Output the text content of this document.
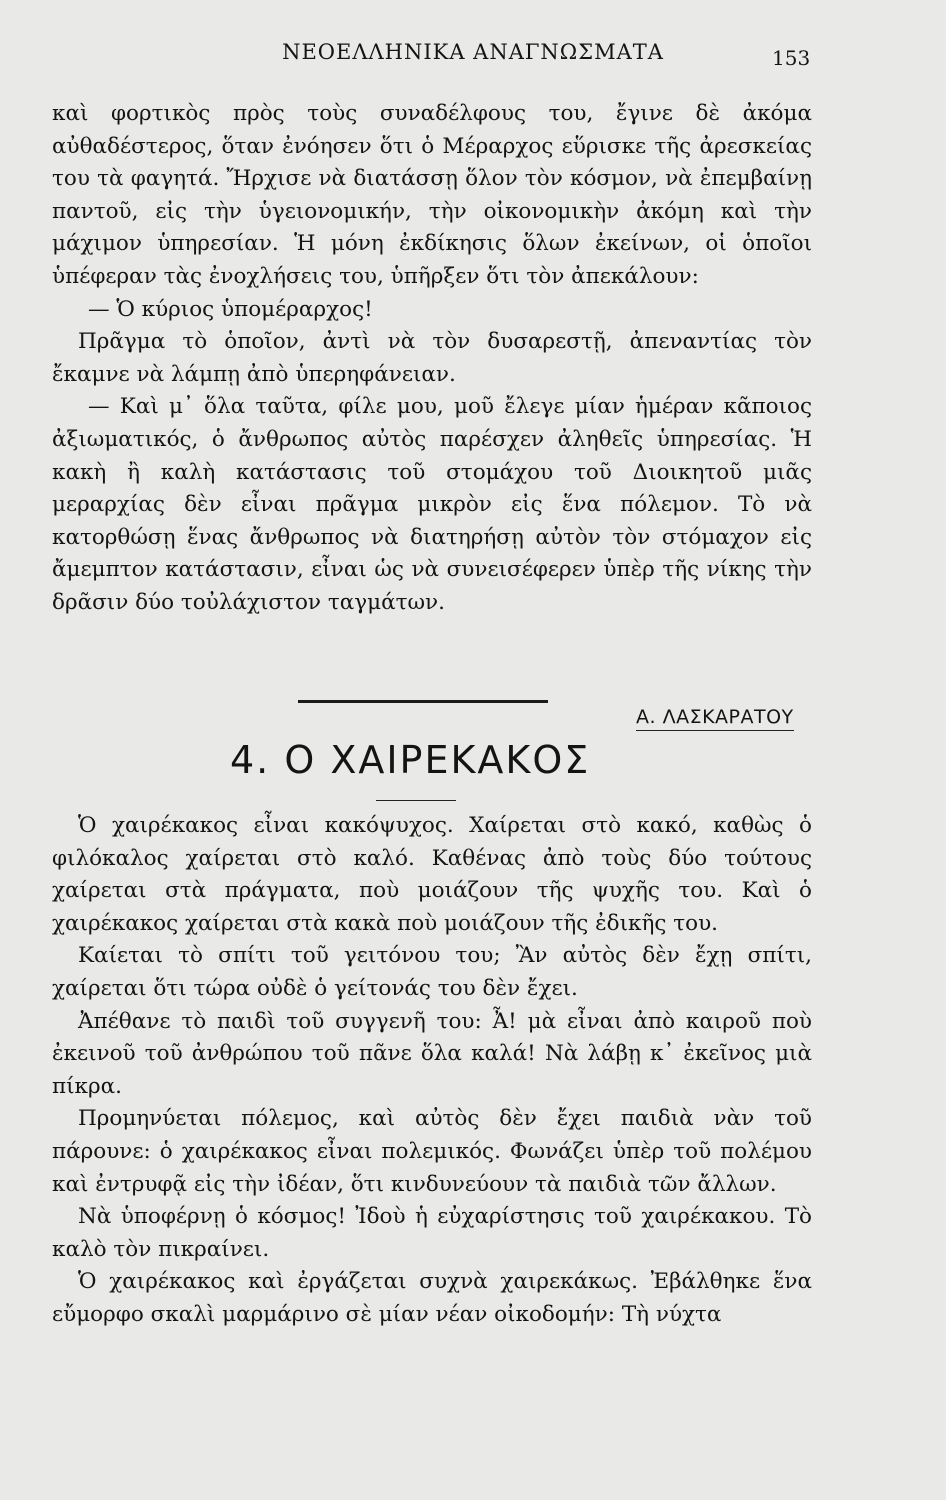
ΝΕΟΕΛΛΗΝΙΚΑ ΑΝΑΓΝΩΣΜΑΤΑ	153

καὶ φορτικὸς πρὸς τοὺς συναδέλφους του, ἔγινε δὲ ἀκόμα αὐθαδέστερος, ὅταν ἐνόησεν ὅτι ὁ Μέραρχος εὕρισκε τῆς ἀρεσκείας του τὰ φαγητά. Ἤρχισε νὰ διατάσσῃ ὅλον τὸν κόσμον, νὰ ἐπεμβαίνῃ παντοῦ, εἰς τὴν ὑγειονομικήν, τὴν οἰκονομικὴν ἀκόμη καὶ τὴν μάχιμον ὑπηρεσίαν. Ἡ μόνη ἐκδίκησις ὅλων ἐκείνων, οἱ ὁποῖοι ὑπέφεραν τὰς ἐνοχλήσεις του, ὑπῆρξεν ὅτι τὸν ἀπεκάλουν:

— Ὁ κύριος ὑπομέραρχος!

Πρᾶγμα τὸ ὁποῖον, ἀντὶ νὰ τὸν δυσαρεστῇ, ἀπεναντίας τὸν ἔκαμνε νὰ λάμπῃ ἀπὸ ὑπερηφάνειαν.

— Καὶ μ᾿ ὅλα ταῦτα, φίλε μου, μοῦ ἔλεγε μίαν ἡμέραν κᾶποιος ἀξιωματικός, ὁ ἄνθρωπος αὐτὸς παρέσχεν ἀληθεῖς ὑπηρεσίας. Ἡ κακὴ ἢ καλὴ κατάστασις τοῦ στομάχου τοῦ Διοικητοῦ μιᾶς μεραρχίας δὲν εἶναι πρᾶγμα μικρὸν εἰς ἕνα πόλεμον. Τὸ νὰ κατορθώσῃ ἕνας ἄνθρωπος νὰ διατηρήσῃ αὐτὸν τὸν στόμαχον εἰς ἄμεμπτον κατάστασιν, εἶναι ὡς νὰ συνεισέφερεν ὑπὲρ τῆς νίκης τὴν δρᾶσιν δύο τοὐλάχιστον ταγμάτων.

Α. ΛΑΣΚΑΡΑΤΟΥ
4. Ο ΧΑΙΡΕΚΑΚΟΣ

Ὁ χαιρέκακος εἶναι κακόψυχος. Χαίρεται στὸ κακό, καθὼς ὁ φιλόκαλος χαίρεται στὸ καλό. Καθένας ἀπὸ τοὺς δύο τούτους χαίρεται στὰ πράγματα, ποὺ μοιάζουν τῆς ψυχῆς του. Καὶ ὁ χαιρέκακος χαίρεται στὰ κακὰ ποὺ μοιάζουν τῆς ἐδικῆς του.

Καίεται τὸ σπίτι τοῦ γειτόνου του; Ἂν αὐτὸς δὲν ἔχῃ σπίτι, χαίρεται ὅτι τώρα οὐδὲ ὁ γείτονάς του δὲν ἔχει.

Ἀπέθανε τὸ παιδὶ τοῦ συγγενῆ του: Ἆ! μὰ εἶναι ἀπὸ καιροῦ ποὺ ἐκεινοῦ τοῦ ἀνθρώπου τοῦ πᾶνε ὅλα καλά! Νὰ λάβῃ κ᾿ ἐκεῖνος μιὰ πίκρα.

Προμηνύεται πόλεμος, καὶ αὐτὸς δὲν ἔχει παιδιὰ νὰν τοῦ πάρουνε: ὁ χαιρέκακος εἶναι πολεμικός. Φωνάζει ὑπὲρ τοῦ πολέμου καὶ ἐντρυφᾷ εἰς τὴν ἰδέαν, ὅτι κινδυνεύουν τὰ παιδιὰ τῶν ἄλλων.

Νὰ ὑποφέρνῃ ὁ κόσμος! Ἰδοὺ ἡ εὐχαρίστησις τοῦ χαιρέκακου. Τὸ καλὸ τὸν πικραίνει.

Ὁ χαιρέκακος καὶ ἐργάζεται συχνὰ χαιρεκάκως. Ἐβάλθηκε ἕνα εὔμορφο σκαλὶ μαρμάρινο σὲ μίαν νέαν οἰκοδομήν: Τὴ νύχτα
